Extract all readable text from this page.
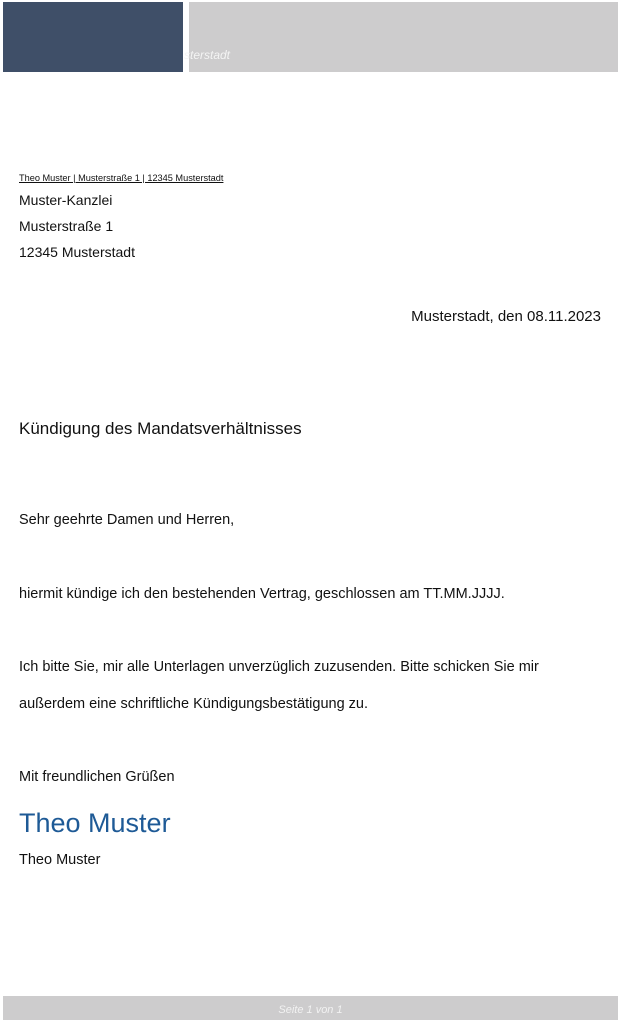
sterstadt
Theo Muster | Musterstraße 1 | 12345 Musterstadt
Muster-Kanzlei
Musterstraße 1
12345 Musterstadt
Musterstadt, den 08.11.2023
Kündigung des Mandatsverhältnisses
Sehr geehrte Damen und Herren,
hiermit kündige ich den bestehenden Vertrag, geschlossen am TT.MM.JJJJ.
Ich bitte Sie, mir alle Unterlagen unverzüglich zuzusenden. Bitte schicken Sie mir
außerdem eine schriftliche Kündigungsbestätigung zu.
Mit freundlichen Grüßen
Theo Muster
Theo Muster
Seite 1 von 1
